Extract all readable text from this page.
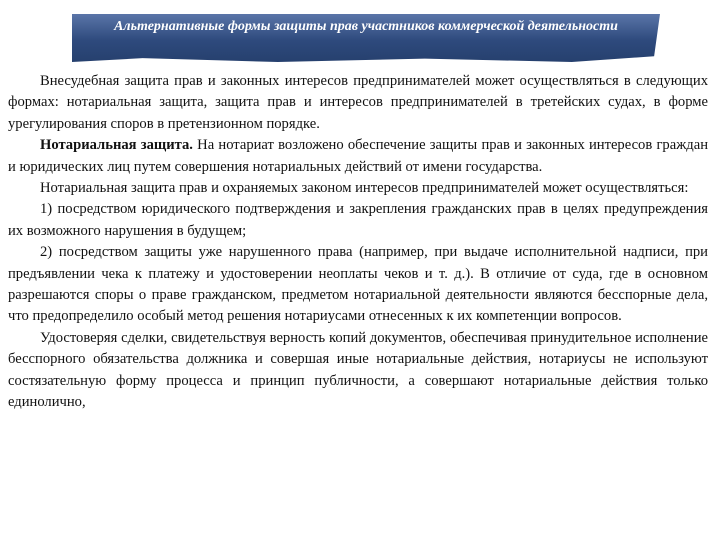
Альтернативные формы защиты прав участников коммерческой деятельности

Внесудебная защита прав и законных интересов предпринимателей может осуществляться в следующих формах: нотариальная защита, защита прав и интересов предпринимателей в третейских судах, в форме урегулирования споров в претензионном порядке.

Нотариальная защита. На нотариат возложено обеспечение защиты прав и законных интересов граждан и юридических лиц путем совершения нотариальных действий от имени государства.

Нотариальная защита прав и охраняемых законом интересов предпринимателей может осуществляться:

1) посредством юридического подтверждения и закрепления гражданских прав в целях предупреждения их возможного нарушения в будущем;

2) посредством защиты уже нарушенного права (например, при выдаче исполнительной надписи, при предъявлении чека к платежу и удостоверении неоплаты чеков и т. д.). В отличие от суда, где в основном разрешаются споры о праве гражданском, предметом нотариальной деятельности являются бесспорные дела, что предопределило особый метод решения нотариусами отнесенных к их компетенции вопросов.

Удостоверяя сделки, свидетельствуя верность копий документов, обеспечивая принудительное исполнение бесспорного обязательства должника и совершая иные нотариальные действия, нотариусы не используют состязательную форму процесса и принцип публичности, а совершают нотариальные действия только единолично,
